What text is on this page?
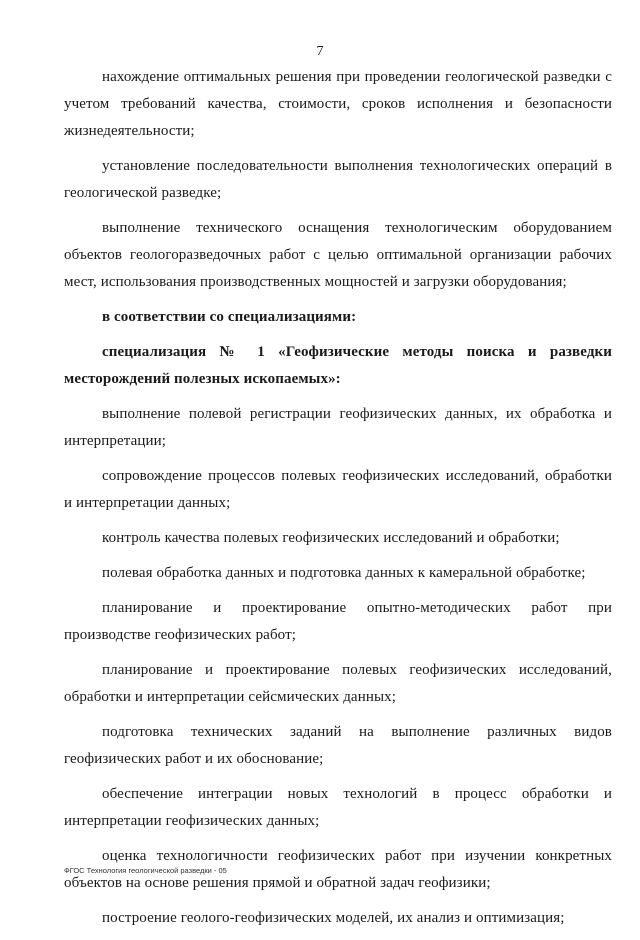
7

нахождение оптимальных решения при проведении геологической разведки с учетом требований качества, стоимости, сроков исполнения и безопасности жизнедеятельности;

установление последовательности выполнения технологических операций в геологической разведке;

выполнение технического оснащения технологическим оборудованием объектов геологоразведочных работ с целью оптимальной организации рабочих мест, использования производственных мощностей и загрузки оборудования;

в соответствии со специализациями:

специализация № 1 «Геофизические методы поиска и разведки месторождений полезных ископаемых»:

выполнение полевой регистрации геофизических данных, их обработка и интерпретации;

сопровождение процессов полевых геофизических исследований, обработки и интерпретации данных;

контроль качества полевых геофизических исследований и обработки;

полевая обработка данных и подготовка данных к камеральной обработке;

планирование и проектирование опытно-методических работ при производстве геофизических работ;

планирование и проектирование полевых геофизических исследований, обработки и интерпретации сейсмических данных;

подготовка технических заданий на выполнение различных видов геофизических работ и их обоснование;

обеспечение интеграции новых технологий в процесс обработки и интерпретации геофизических данных;

оценка технологичности геофизических работ при изучении конкретных объектов на основе решения прямой и обратной задач геофизики;

построение геолого-геофизических моделей, их анализ и оптимизация;

ФГОС Технология геологической разведки - 05
